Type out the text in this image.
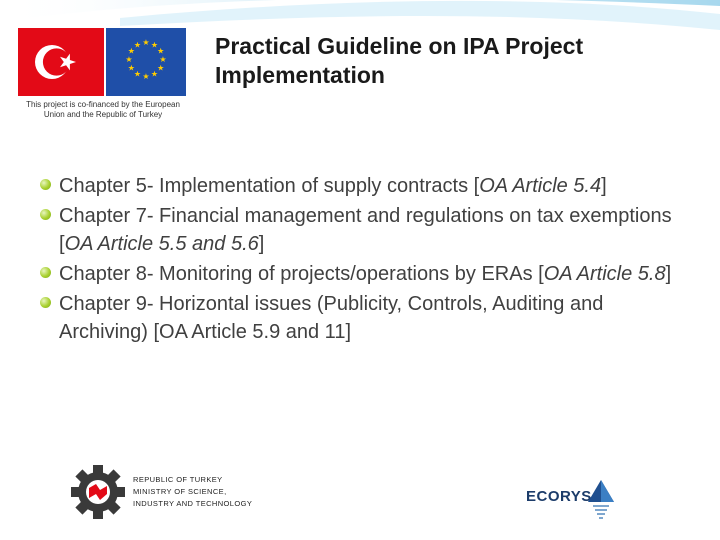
★ ★
★
★
★
★
★
★
★
★
★
★
This project is co-financed by the European
Union and the Republic of Turkey
Practical Guideline on IPA Project
Implementation
Chapter 5- Implementation of supply contracts [OA Article 5.4]
Chapter 7- Financial management and regulations on tax exemptions [OA Article 5.5 and 5.6]
Chapter 8- Monitoring of projects/operations by ERAs [OA Article 5.8]
Chapter 9- Horizontal issues (Publicity, Controls, Auditing and Archiving) [OA Article 5.9 and 11]
REPUBLIC OF TURKEY
MINISTRY OF SCIENCE,
INDUSTRY AND TECHNOLOGY	ECORYS
